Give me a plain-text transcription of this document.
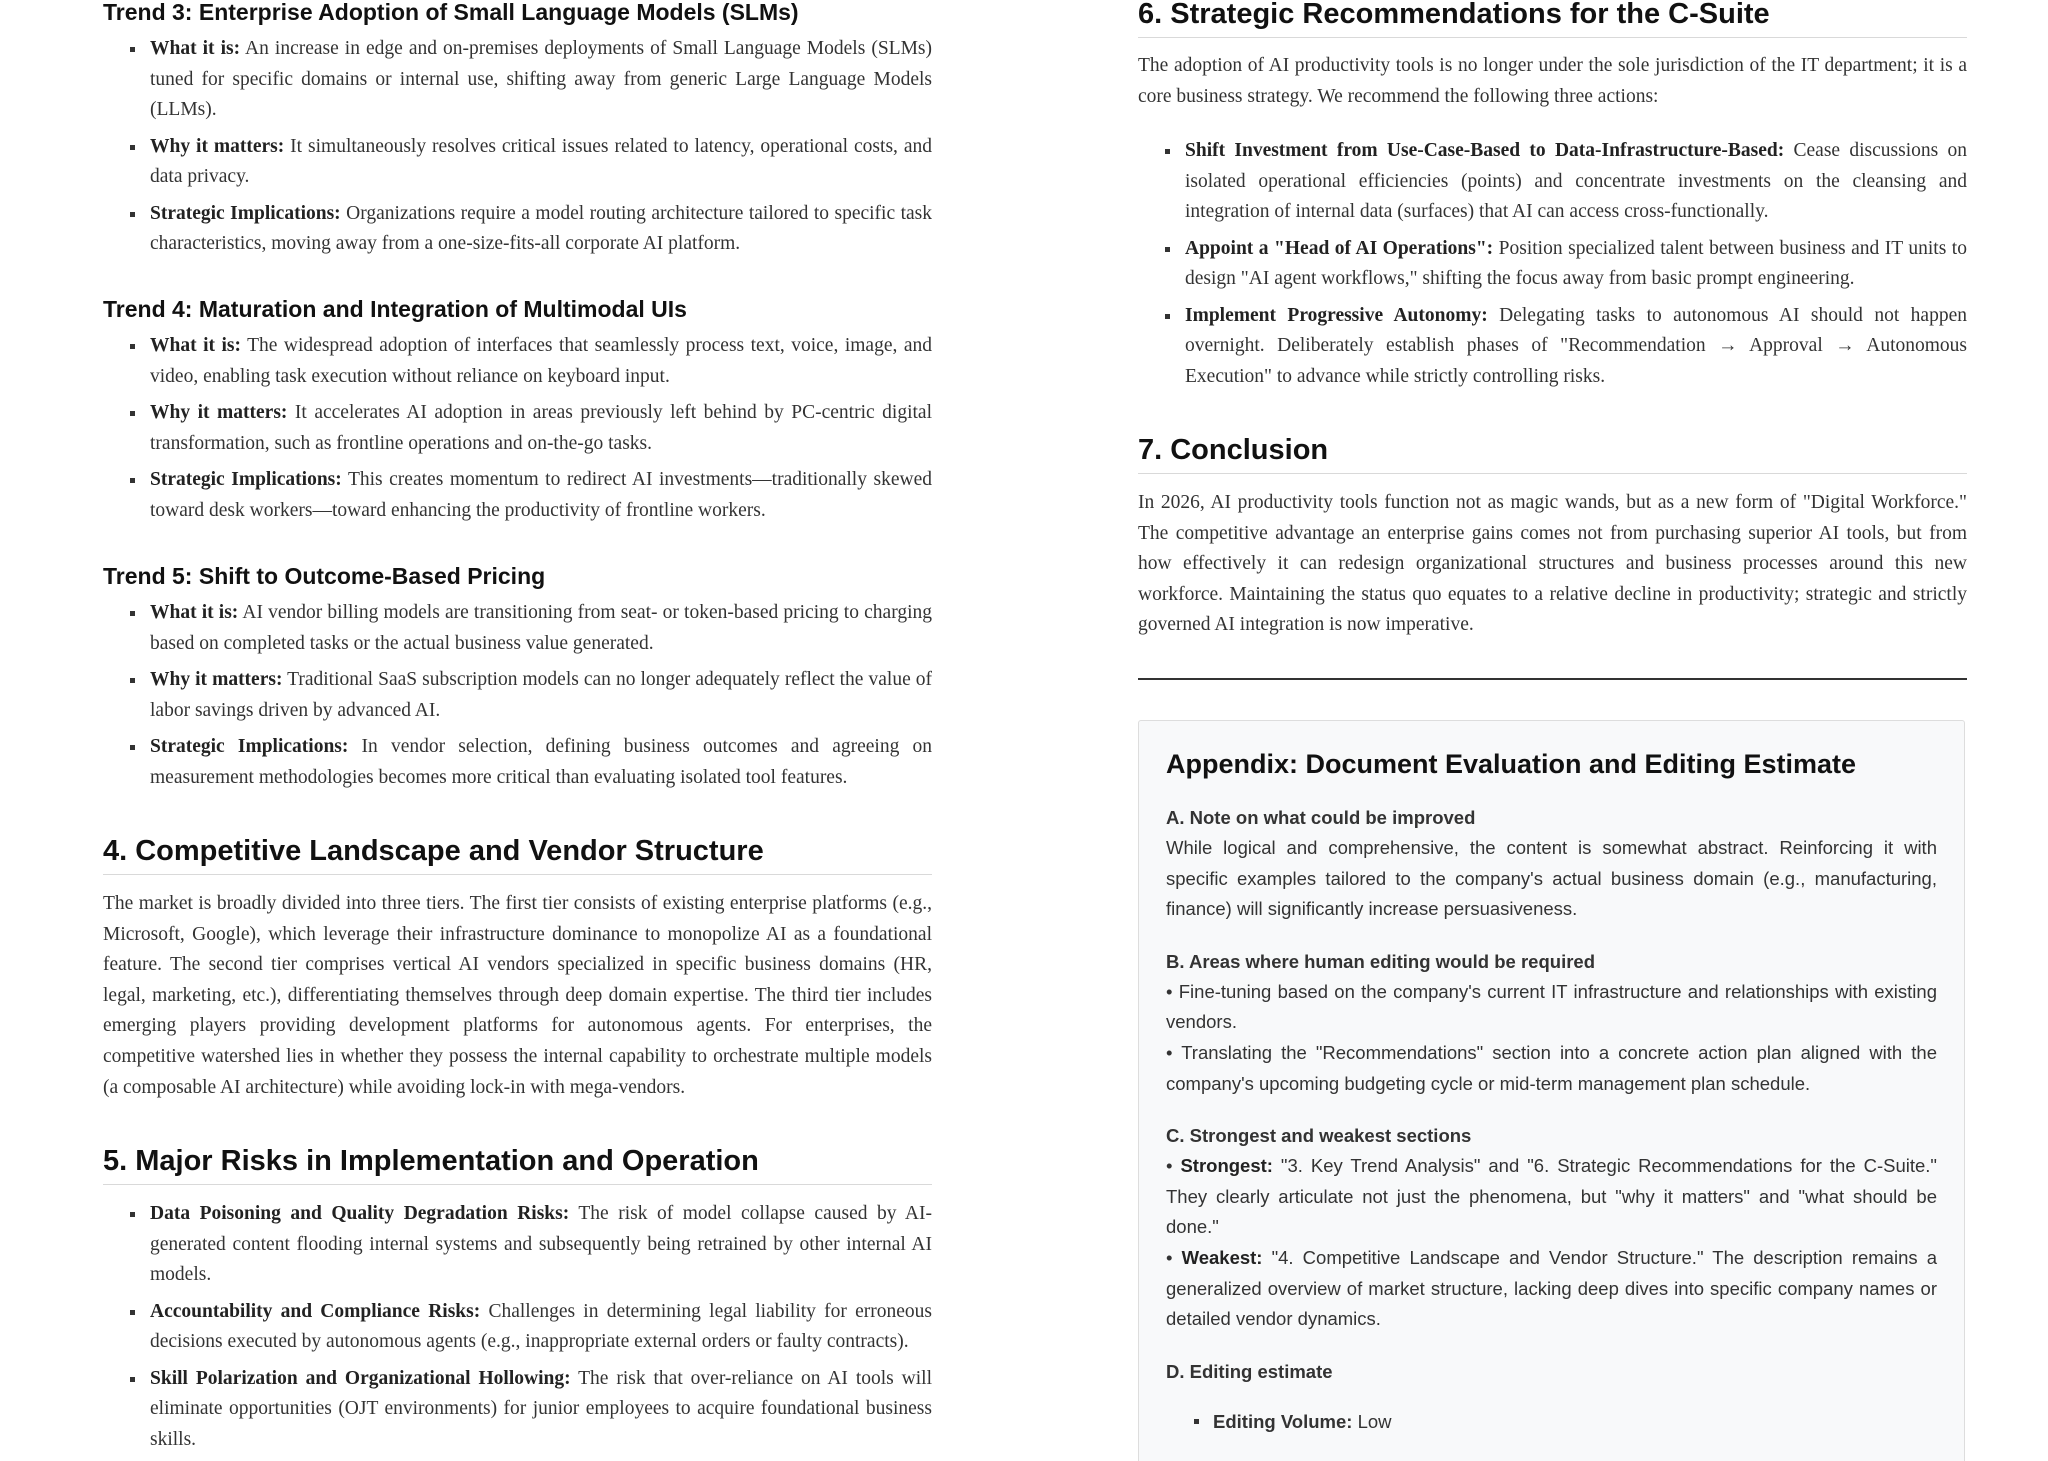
Trend 3: Enterprise Adoption of Small Language Models (SLMs)
What it is: An increase in edge and on-premises deployments of Small Language Models (SLMs) tuned for specific domains or internal use, shifting away from generic Large Language Models (LLMs).
Why it matters: It simultaneously resolves critical issues related to latency, operational costs, and data privacy.
Strategic Implications: Organizations require a model routing architecture tailored to specific task characteristics, moving away from a one-size-fits-all corporate AI platform.
Trend 4: Maturation and Integration of Multimodal UIs
What it is: The widespread adoption of interfaces that seamlessly process text, voice, image, and video, enabling task execution without reliance on keyboard input.
Why it matters: It accelerates AI adoption in areas previously left behind by PC-centric digital transformation, such as frontline operations and on-the-go tasks.
Strategic Implications: This creates momentum to redirect AI investments—traditionally skewed toward desk workers—toward enhancing the productivity of frontline workers.
Trend 5: Shift to Outcome-Based Pricing
What it is: AI vendor billing models are transitioning from seat- or token-based pricing to charging based on completed tasks or the actual business value generated.
Why it matters: Traditional SaaS subscription models can no longer adequately reflect the value of labor savings driven by advanced AI.
Strategic Implications: In vendor selection, defining business outcomes and agreeing on measurement methodologies becomes more critical than evaluating isolated tool features.
4. Competitive Landscape and Vendor Structure

The market is broadly divided into three tiers. The first tier consists of existing enterprise platforms (e.g., Microsoft, Google), which leverage their infrastructure dominance to monopolize AI as a foundational feature. The second tier comprises vertical AI vendors specialized in specific business domains (HR, legal, marketing, etc.), differentiating themselves through deep domain expertise. The third tier includes emerging players providing development platforms for autonomous agents. For enterprises, the competitive watershed lies in whether they possess the internal capability to orchestrate multiple models (a composable AI architecture) while avoiding lock-in with mega-vendors.

5. Major Risks in Implementation and Operation
Data Poisoning and Quality Degradation Risks: The risk of model collapse caused by AI-generated content flooding internal systems and subsequently being retrained by other internal AI models.
Accountability and Compliance Risks: Challenges in determining legal liability for erroneous decisions executed by autonomous agents (e.g., inappropriate external orders or faulty contracts).
Skill Polarization and Organizational Hollowing: The risk that over-reliance on AI tools will eliminate opportunities (OJT environments) for junior employees to acquire foundational business skills.
6. Strategic Recommendations for the C-Suite

The adoption of AI productivity tools is no longer under the sole jurisdiction of the IT department; it is a core business strategy. We recommend the following three actions:

Shift Investment from Use-Case-Based to Data-Infrastructure-Based: Cease discussions on isolated operational efficiencies (points) and concentrate investments on the cleansing and integration of internal data (surfaces) that AI can access cross-functionally.
Appoint a "Head of AI Operations": Position specialized talent between business and IT units to design "AI agent workflows," shifting the focus away from basic prompt engineering.
Implement Progressive Autonomy: Delegating tasks to autonomous AI should not happen overnight. Deliberately establish phases of "Recommendation → Approval → Autonomous Execution" to advance while strictly controlling risks.
7. Conclusion

In 2026, AI productivity tools function not as magic wands, but as a new form of "Digital Workforce." The competitive advantage an enterprise gains comes not from purchasing superior AI tools, but from how effectively it can redesign organizational structures and business processes around this new workforce. Maintaining the status quo equates to a relative decline in productivity; strategic and strictly governed AI integration is now imperative.

Appendix: Document Evaluation and Editing Estimate

A. Note on what could be improved

While logical and comprehensive, the content is somewhat abstract. Reinforcing it with specific examples tailored to the company's actual business domain (e.g., manufacturing, finance) will significantly increase persuasiveness.

B. Areas where human editing would be required

• Fine-tuning based on the company's current IT infrastructure and relationships with existing vendors.

• Translating the "Recommendations" section into a concrete action plan aligned with the company's upcoming budgeting cycle or mid-term management plan schedule.

C. Strongest and weakest sections

• Strongest: "3. Key Trend Analysis" and "6. Strategic Recommendations for the C-Suite." They clearly articulate not just the phenomena, but "why it matters" and "what should be done."

• Weakest: "4. Competitive Landscape and Vendor Structure." The description remains a generalized overview of market structure, lacking deep dives into specific company names or detailed vendor dynamics.

D. Editing estimate

Editing Volume: Low
